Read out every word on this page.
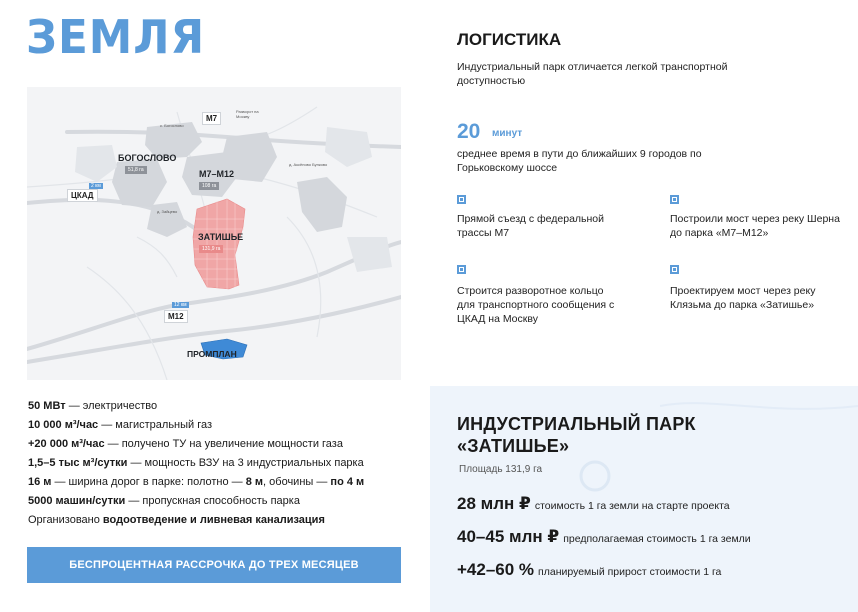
ЗЕМЛЯ
51,8 га
БОГОСЛОВО
М7–М12
108 га
ЗАТИШЬЕ
131,9 га
ПРОМПЛАН
М7
2 км
ЦКАД
12 км
М12
Разворот на Москву
с. Богослово
д. Аксёново Бунково
д. Зайцево
50 МВт — электричество
10 000 м³/час — магистральный газ
+20 000 м³/час — получено ТУ на увеличение мощности газа
1,5–5 тыс м³/сутки — мощность ВЗУ на 3 индустриальных парка
16 м — ширина дорог в парке: полотно — 8 м, обочины — по 4 м
5000 машин/сутки — пропускная способность парка
Организовано водоотведение и ливневая канализация
БЕСПРОЦЕНТНАЯ РАССРОЧКА ДО ТРЕХ МЕСЯЦЕВ
ЛОГИСТИКА
Индустриальный парк отличается легкой транспортной доступностью
20 минут
среднее время в пути до ближайших 9 городов по Горьковскому шоссе
Прямой съезд с федеральной трассы М7
Построили мост через реку Шерна до парка «М7–М12»
Строится разворотное кольцо для транспортного сообщения с ЦКАД на Москву
Проектируем мост через реку Клязьма до парка «Затишье»
ИНДУСТРИАЛЬНЫЙ ПАРК
«ЗАТИШЬЕ»
Площадь 131,9 га
28 млн ₽ стоимость 1 га земли на старте проекта
40–45 млн ₽ предполагаемая стоимость 1 га земли
+42–60 % планируемый прирост стоимости 1 га
